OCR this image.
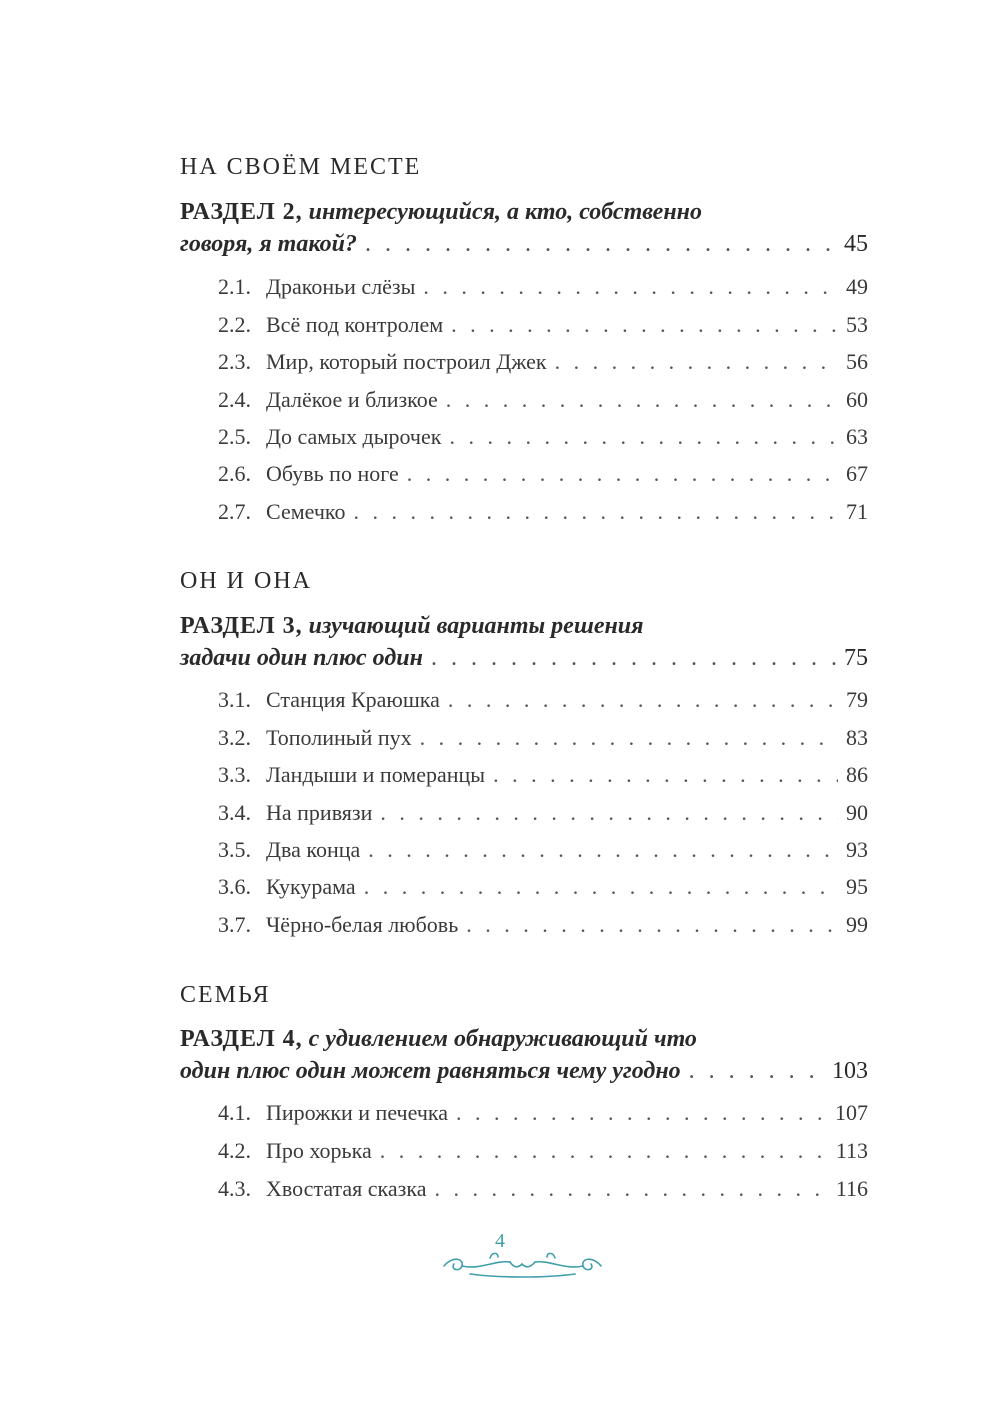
НА СВОЁМ МЕСТЕ
РАЗДЕЛ 2, интересующийся, а кто, собственно
говоря, я такой? . . .	45
2.1. Драконьи слёзы . . .	49
2.2. Всё под контролем . . .	53
2.3. Мир, который построил Джек . . .	56
2.4. Далёкое и близкое . . .	60
2.5. До самых дырочек . . .	63
2.6. Обувь по ноге . . .	67
2.7. Семечко . . .	71
ОН И ОНА
РАЗДЕЛ 3, изучающий варианты решения
задачи один плюс один . . .	75
3.1. Станция Краюшка . . .	79
3.2. Тополиный пух . . .	83
3.3. Ландыши и померанцы . . .	86
3.4. На привязи . . .	90
3.5. Два конца . . .	93
3.6. Кукурама . . .	95
3.7. Чёрно-белая любовь . . .	99
СЕМЬЯ
РАЗДЕЛ 4, с удивлением обнаруживающий что
один плюс один может равняться чему угодно . . .	103
4.1. Пирожки и печечка . . .	107
4.2. Про хорька . . .	113
4.3. Хвостатая сказка . . .	116
4
